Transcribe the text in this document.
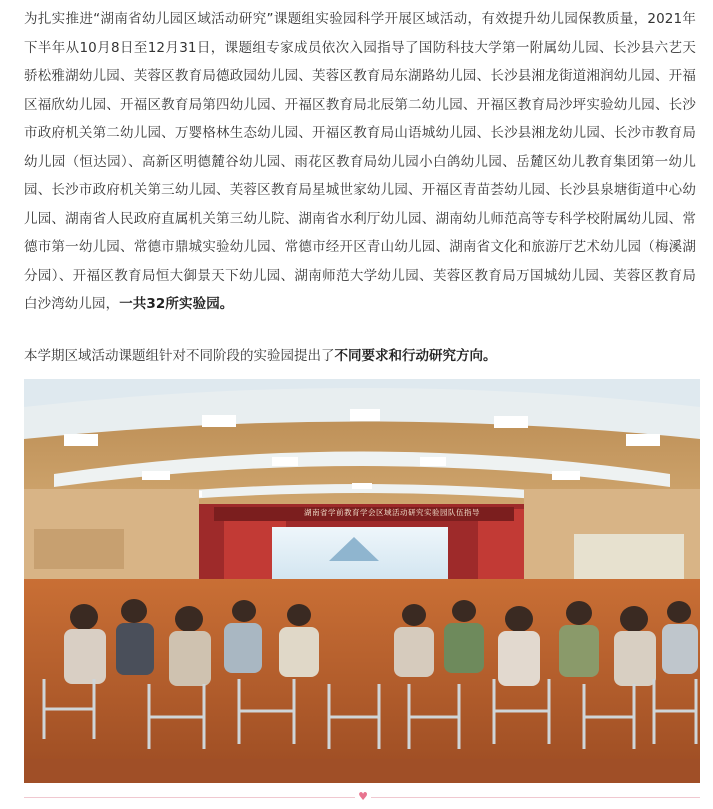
为扎实推进“湖南省幼儿园区域活动研究”课题组实验园科学开展区域活动，有效提升幼儿园保教质量，2021年下半年从10月8日至12月31日，课题组专家成员依次入园指导了国防科技大学第一附属幼儿园、长沙县六艺天骄松雅湖幼儿园、芙蓉区教育局德政园幼儿园、芙蓉区教育局东湖路幼儿园、长沙县湘龙街道湘润幼儿园、开福区福欣幼儿园、开福区教育局第四幼儿园、开福区教育局北辰第二幼儿园、开福区教育局沙坪实验幼儿园、长沙市政府机关第二幼儿园、万婴格林生态幼儿园、开福区教育局山语城幼儿园、长沙县湘龙幼儿园、长沙市教育局幼儿园（恒达园）、高新区明德麓谷幼儿园、雨花区教育局幼儿园小白鸽幼儿园、岳麓区幼儿教育集团第一幼儿园、长沙市政府机关第三幼儿园、芙蓉区教育局星城世家幼儿园、开福区青苗荟幼儿园、长沙县泉塘街道中心幼儿园、湖南省人民政府直属机关第三幼儿院、湖南省水利厅幼儿园、湖南幼儿师范高等专科学校附属幼儿园、常德市第一幼儿园、常德市鼎城实验幼儿园、常德市经开区青山幼儿园、湖南省文化和旅游厅艺术幼儿园（梅溪湖分园）、开福区教育局恒大御景天下幼儿园、湖南师范大学幼儿园、芙蓉区教育局万国城幼儿园、芙蓉区教育局白沙湾幼儿园，一共32所实验园。

本学期区域活动课题组针对不同阶段的实验园提出了不同要求和行动研究方向。

湖南省学前教育学会区域活动研究实验园队伍指导
♥
